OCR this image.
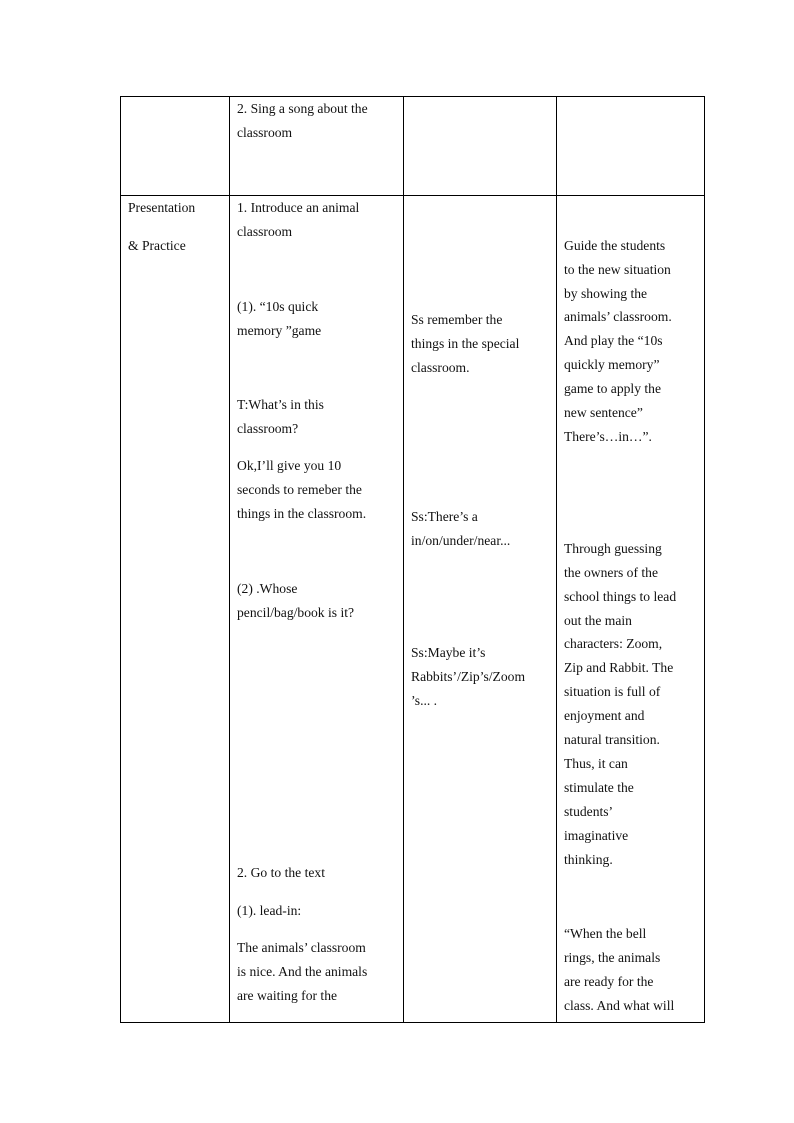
2. Sing a song about the
classroom
Presentation
& Practice
1. Introduce an animal
classroom
(1). “10s quick
memory ”game
T:What’s in this
classroom?
Ok,I’ll give you 10
seconds to remeber the
things in the classroom.
(2) .Whose
pencil/bag/book is it?
2. Go to the text
(1). lead-in:
The animals’ classroom
is nice. And the animals
are waiting for the
Ss remember the
things in the special
classroom.
Ss:There’s a
in/on/under/near...
Ss:Maybe it’s
Rabbits’/Zip’s/Zoom
’s... .
Guide the students
to the new situation
by showing the
animals’ classroom.
And play the “10s
quickly memory”
game to apply the
new sentence”
There’s…in…”.
Through guessing
the owners of the
school things to lead
out the main
characters: Zoom,
Zip and Rabbit. The
situation is full of
enjoyment and
natural transition.
Thus, it can
stimulate the
students’
imaginative
thinking.
“When the bell
rings, the animals
are ready for the
class. And what will
